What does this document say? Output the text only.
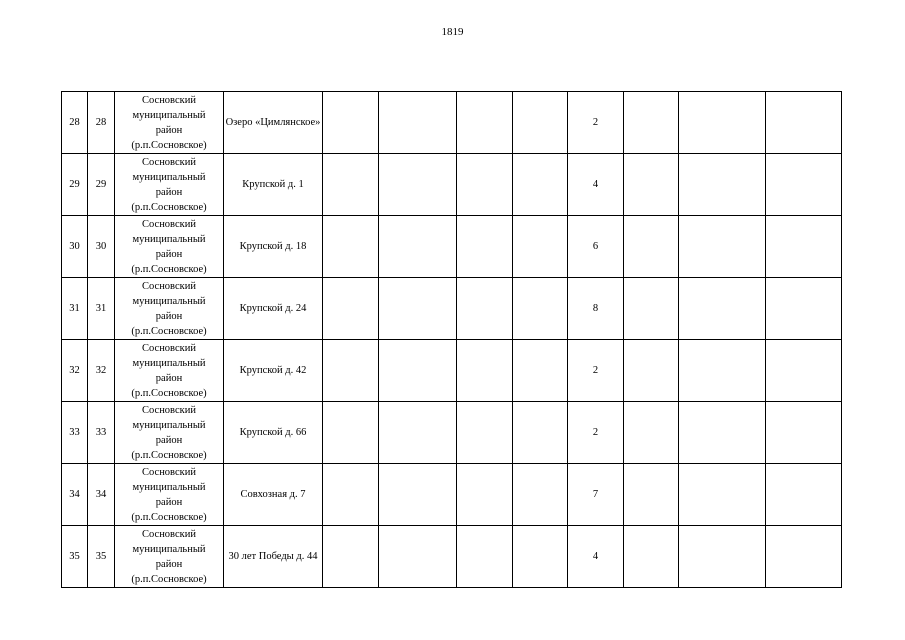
1819
28	28	Сосновский
муниципальный
район
(р.п.Сосновское)	Озеро «Цимлянское»					2			
29	29	Сосновский
муниципальный
район
(р.п.Сосновское)	Крупской д. 1					4			
30	30	Сосновский
муниципальный
район
(р.п.Сосновское)	Крупской д. 18					6			
31	31	Сосновский
муниципальный
район
(р.п.Сосновское)	Крупской д. 24					8			
32	32	Сосновский
муниципальный
район
(р.п.Сосновское)	Крупской д. 42					2			
33	33	Сосновский
муниципальный
район
(р.п.Сосновское)	Крупской д. 66					2			
34	34	Сосновский
муниципальный
район
(р.п.Сосновское)	Совхозная д. 7					7			
35	35	Сосновский
муниципальный
район
(р.п.Сосновское)	30 лет Победы д. 44					4			
